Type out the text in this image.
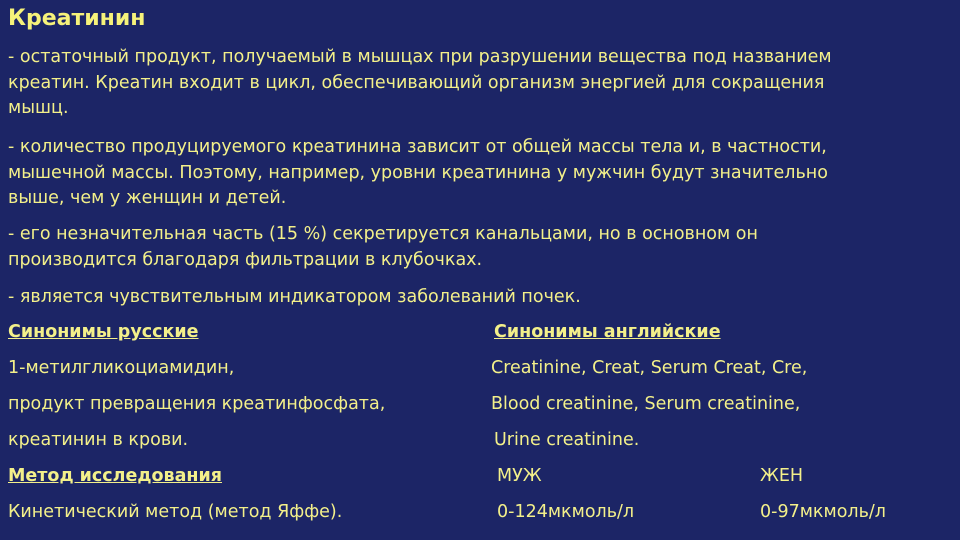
Креатинин
- остаточный продукт, получаемый в мышцах при разрушении вещества под названием
креатин. Креатин входит в цикл, обеспечивающий организм энергией для сокращения
мышц.
- количество продуцируемого креатинина зависит от общей массы тела и, в частности,
мышечной массы. Поэтому, например, уровни креатинина у мужчин будут значительно
выше, чем у женщин и детей.
- его незначительная часть (15 %) секретируется канальцами, но в основном он
производится благодаря фильтрации в клубочках.
- является чувствительным индикатором заболеваний почек.
Синонимы русские	Синонимы английские
1-метилгликоциамидин,	Creatinine, Creat, Serum Creat, Cre,
продукт превращения креатинфосфата,	Blood creatinine, Serum creatinine,
креатинин в крови.	Urine creatinine.
Метод исследования	МУЖ	ЖЕН
Кинетический метод (метод Яффе).	0-124мкмоль/л	0-97мкмоль/л
